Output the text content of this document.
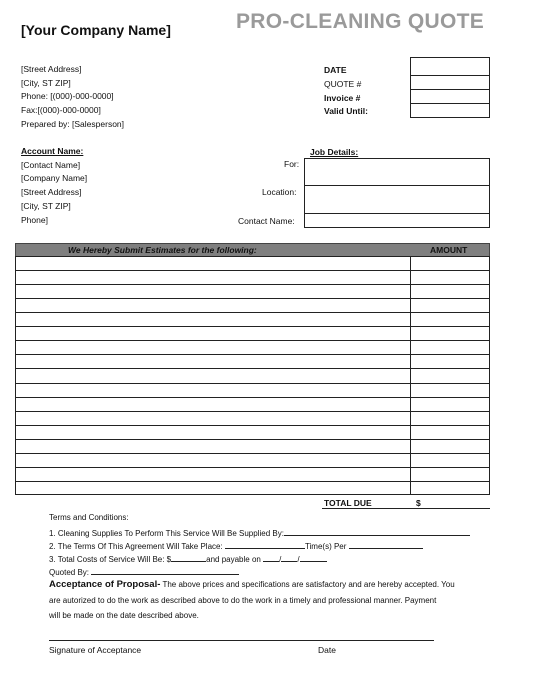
[Your Company Name]	PRO-CLEANING QUOTE
[Street Address]
[City, ST ZIP]
Phone: [(000)-000-0000]
Fax:[(000)-000-0000]
Prepared by: [Salesperson]
DATE
QUOTE #
Invoice #
Valid Until:
Account Name:
[Contact Name]
[Company Name]
[Street Address]
[City, ST ZIP]
Phone]
Job Details:
For:
Location:
Contact Name:
We Hereby Submit Estimates for the following:	AMOUNT
TOTAL DUE	$
Terms and Conditions:
1. Cleaning Supplies To Perform This Service Will Be Supplied By:
2. The Terms Of This Agreement Will Take Place:	Time(s) Per
3. Total Costs of Service Will Be: $	and payable on / /
Quoted By:
Acceptance of Proposal- The above prices and specifications are satisfactory and are hereby accepted. You
are autorized to do the work as described above to do the work in a timely and professional manner. Payment
will be made on the date described above.
Signature of Acceptance	Date
